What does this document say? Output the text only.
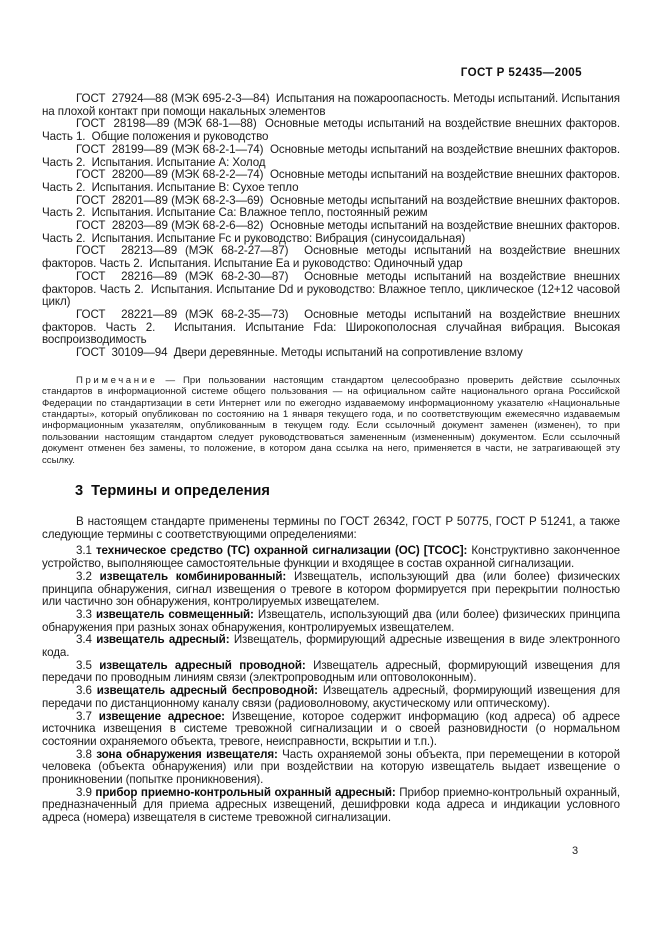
ГОСТ Р 52435—2005

ГОСТ  27924—88 (МЭК 695-2-3—84)  Испытания на пожароопасность. Методы испытаний. Испытания на плохой контакт при помощи накальных элементов

ГОСТ  28198—89 (МЭК 68-1—88)  Основные методы испытаний на воздействие внешних факторов. Часть 1.  Общие положения и руководство

ГОСТ  28199—89 (МЭК 68-2-1—74)  Основные методы испытаний на воздействие внешних факторов. Часть 2.  Испытания. Испытание А: Холод

ГОСТ  28200—89 (МЭК 68-2-2—74)  Основные методы испытаний на воздействие внешних факторов. Часть 2.  Испытания. Испытание В: Сухое тепло

ГОСТ  28201—89 (МЭК 68-2-3—69)  Основные методы испытаний на воздействие внешних факторов. Часть 2.  Испытания. Испытание Са: Влажное тепло, постоянный режим

ГОСТ  28203—89 (МЭК 68-2-6—82)  Основные методы испытаний на воздействие внешних факторов. Часть 2.  Испытания. Испытание Fc и руководство: Вибрация (синусоидальная)

ГОСТ  28213—89 (МЭК 68-2-27—87)  Основные методы испытаний на воздействие внешних факторов. Часть 2.  Испытания. Испытание Еа и руководство: Одиночный удар

ГОСТ  28216—89 (МЭК 68-2-30—87)  Основные методы испытаний на воздействие внешних факторов. Часть 2.  Испытания. Испытание Dd и руководство: Влажное тепло, циклическое (12+12 часовой цикл)

ГОСТ  28221—89 (МЭК 68-2-35—73)  Основные методы испытаний на воздействие внешних факторов. Часть 2.  Испытания. Испытание Fda: Широкополосная случайная вибрация. Высокая воспроизводимость

ГОСТ  30109—94  Двери деревянные. Методы испытаний на сопротивление взлому

Примечание — При пользовании настоящим стандартом целесообразно проверить действие ссылочных стандартов в информационной системе общего пользования — на официальном сайте национального органа Российской Федерации по стандартизации в сети Интернет или по ежегодно издаваемому информационному указателю «Национальные стандарты», который опубликован по состоянию на 1 января текущего года, и по соответствующим ежемесячно издаваемым информационным указателям, опубликованным в текущем году. Если ссылочный документ заменен (изменен), то при пользовании настоящим стандартом следует руководствоваться замененным (измененным) документом. Если ссылочный документ отменен без замены, то положение, в котором дана ссылка на него, применяется в части, не затрагивающей эту ссылку.

3 Термины и определения

В настоящем стандарте применены термины по ГОСТ 26342, ГОСТ Р 50775, ГОСТ Р 51241, а также следующие термины с соответствующими определениями:

3.1 техническое средство (ТС) охранной сигнализации (ОС) [ТСОС]: Конструктивно законченное устройство, выполняющее самостоятельные функции и входящее в состав охранной сигнализации.

3.2 извещатель комбинированный: Извещатель, использующий два (или более) физических принципа обнаружения, сигнал извещения о тревоге в котором формируется при перекрытии полностью или частично зон обнаружения, контролируемых извещателем.

3.3 извещатель совмещенный: Извещатель, использующий два (или более) физических принципа обнаружения при разных зонах обнаружения, контролируемых извещателем.

3.4 извещатель адресный: Извещатель, формирующий адресные извещения в виде электронного кода.

3.5 извещатель адресный проводной: Извещатель адресный, формирующий извещения для передачи по проводным линиям связи (электропроводным или оптоволоконным).

3.6 извещатель адресный беспроводной: Извещатель адресный, формирующий извещения для передачи по дистанционному каналу связи (радиоволновому, акустическому или оптическому).

3.7 извещение адресное: Извещение, которое содержит информацию (код адреса) об адресе источника извещения в системе тревожной сигнализации и о своей разновидности (о нормальном состоянии охраняемого объекта, тревоге, неисправности, вскрытии и т.п.).

3.8 зона обнаружения извещателя: Часть охраняемой зоны объекта, при перемещении в которой человека (объекта обнаружения) или при воздействии на которую извещатель выдает извещение о проникновении (попытке проникновения).

3.9 прибор приемно-контрольный охранный адресный: Прибор приемно-контрольный охранный, предназначенный для приема адресных извещений, дешифровки кода адреса и индикации условного адреса (номера) извещателя в системе тревожной сигнализации.

3
